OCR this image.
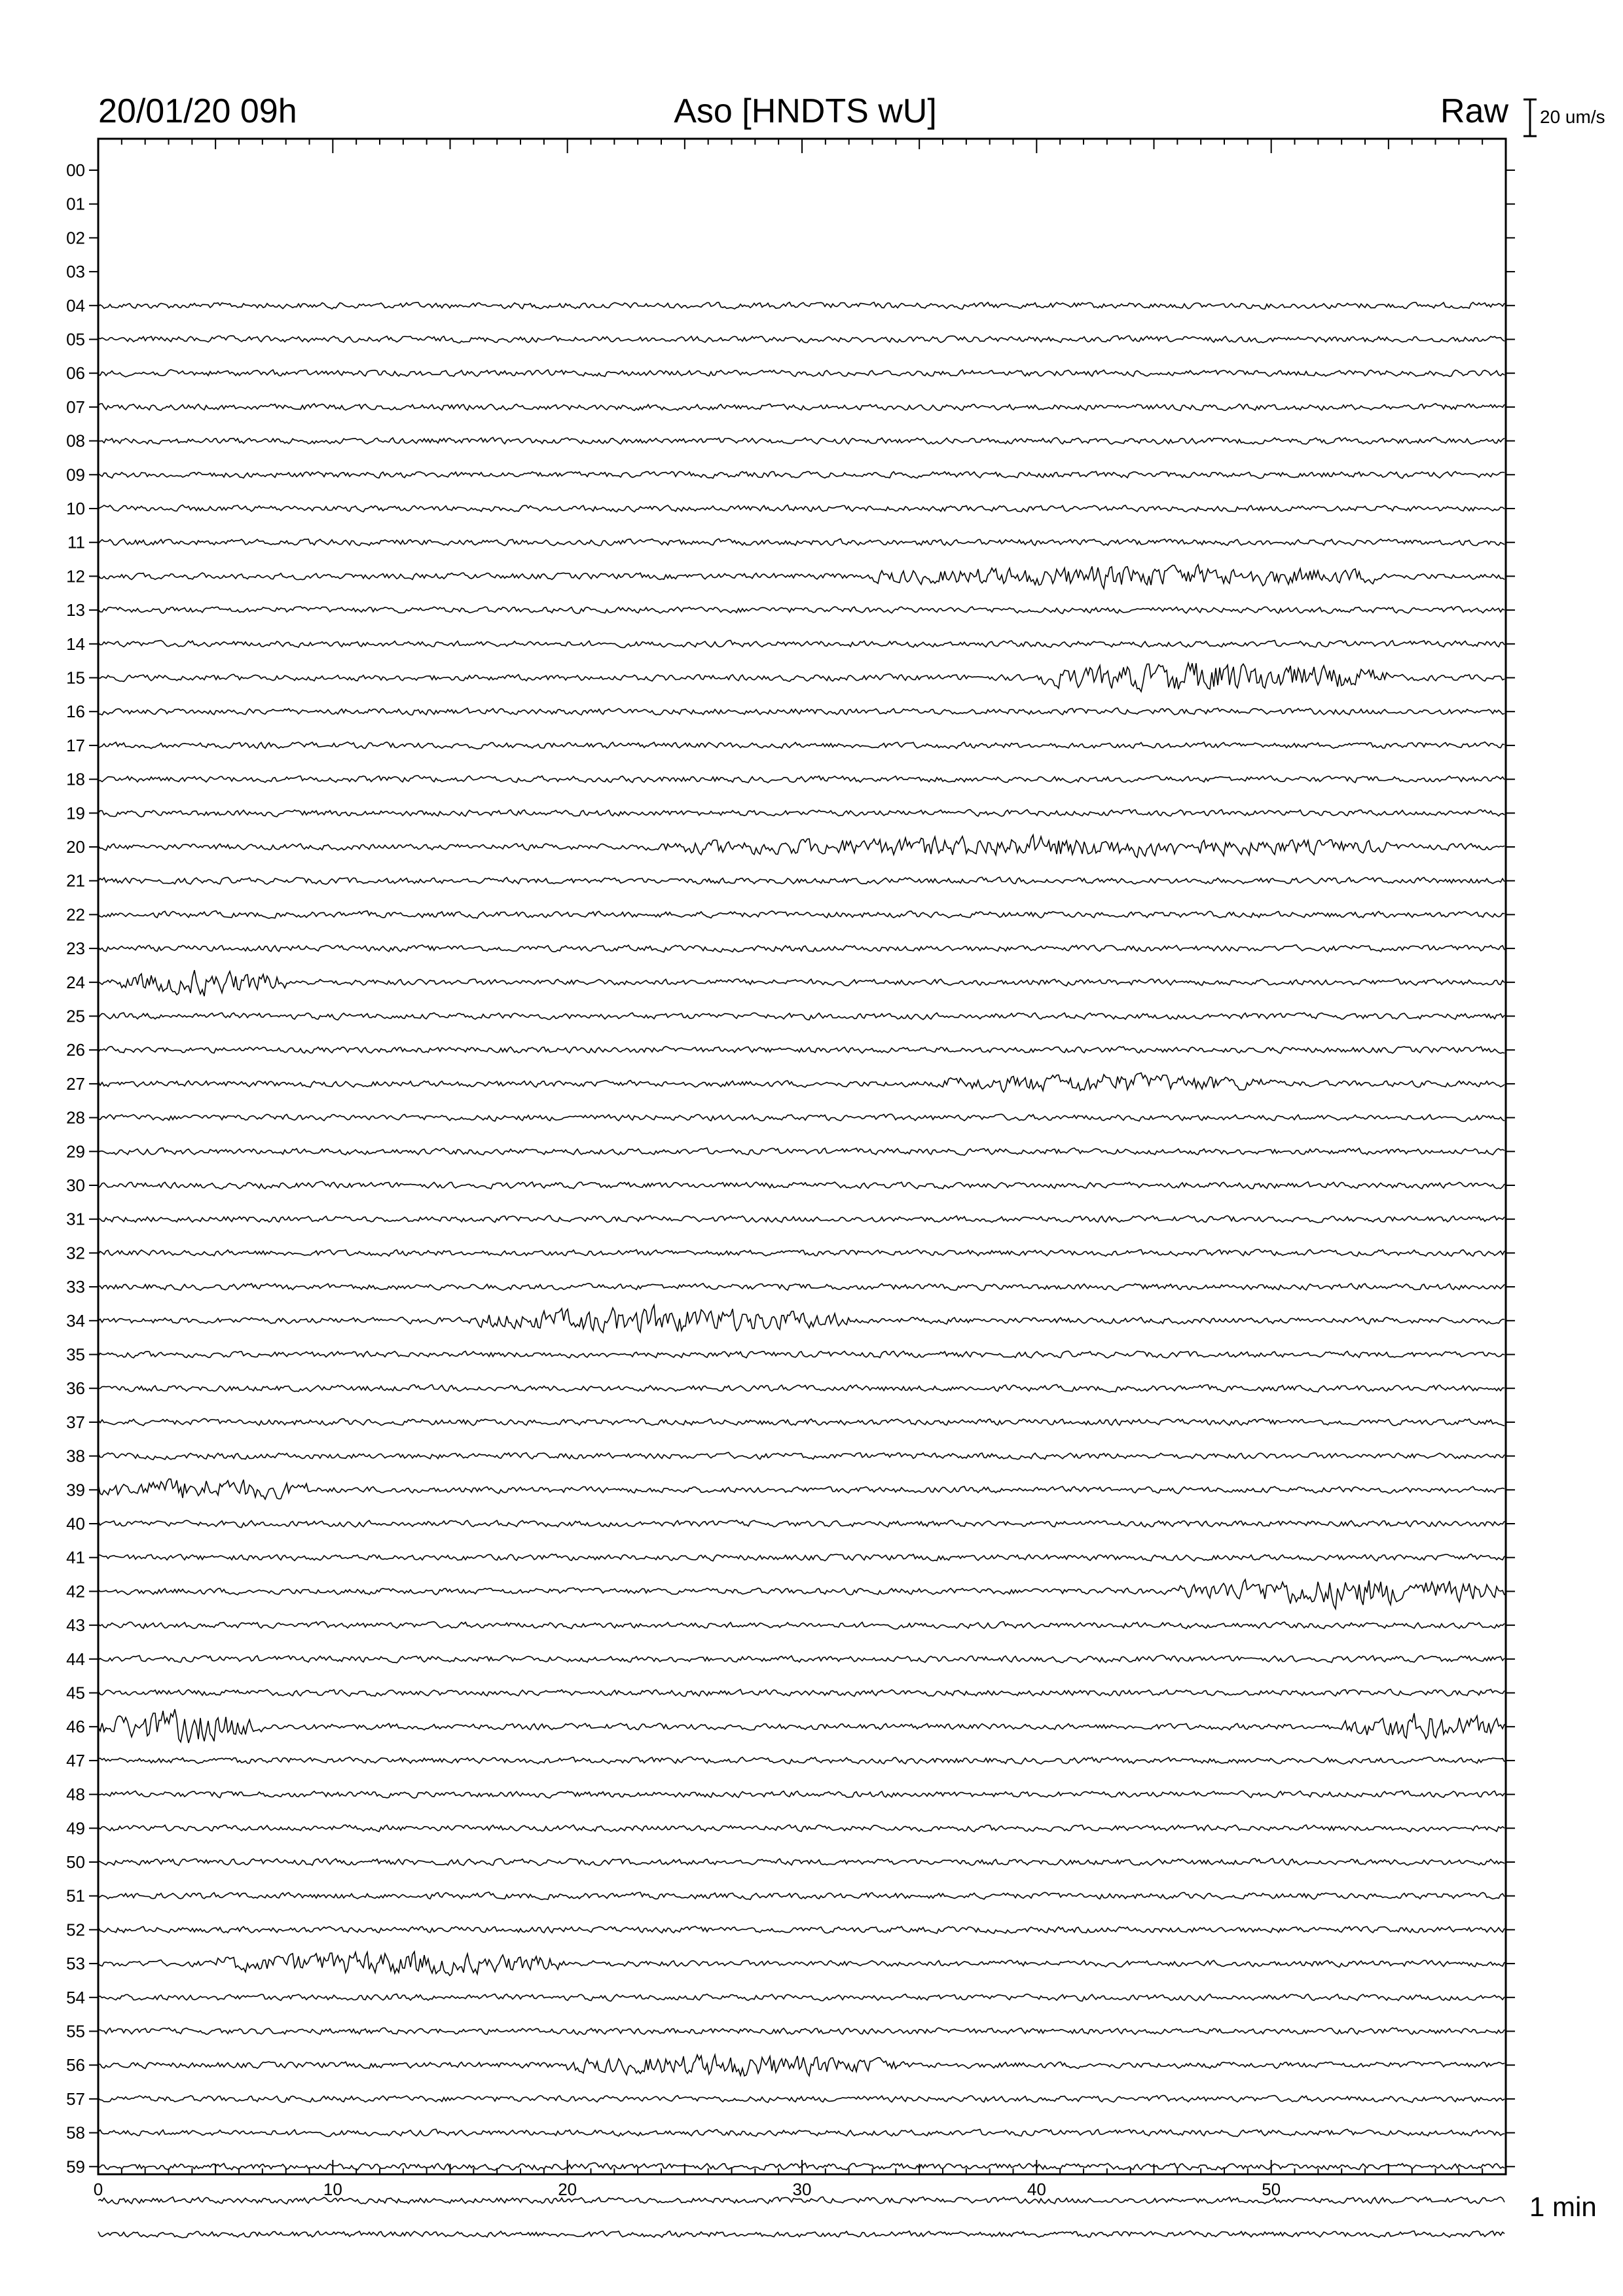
20/01/20 09h	Aso [HNDTS wU]	Raw 20 um/s
1 min
00
01
02
03
04
05
06
07
08
09
10
11
12
13
14
15
16
17
18
19
20
21
22
23
24
25
26
27
28
29
30
31
32
33
34
35
36
37
38
39
40
41
42
43
44
45
46
47
48
49
50
51
52
53
54
55
56
57
58
59
0	10	20	30	40	50
